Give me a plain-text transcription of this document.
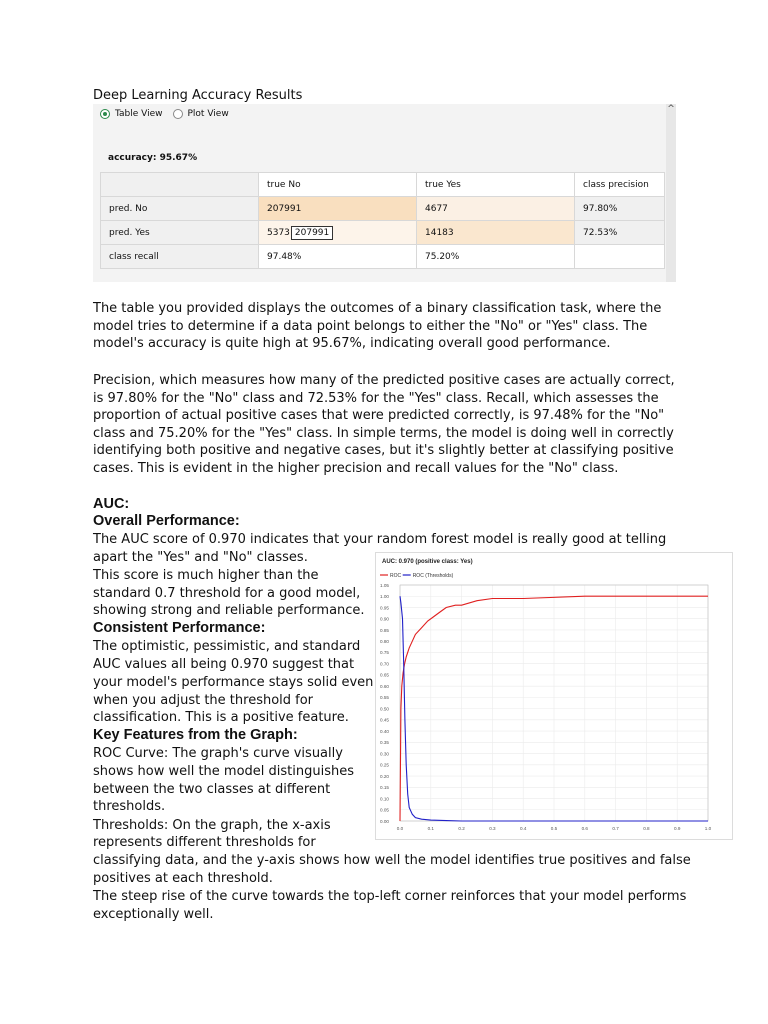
Deep Learning Accuracy Results
^
Table View	Plot View
accuracy: 95.67%
	true No	true Yes	class precision
pred. No	207991	4677	97.80%
pred. Yes	5373 207991	14183	72.53%
class recall	97.48%	75.20%	

The table you provided displays the outcomes of a binary classification task, where the model tries to determine if a data point belongs to either the "No" or "Yes" class. The model's accuracy is quite high at 95.67%, indicating overall good performance.

Precision, which measures how many of the predicted positive cases are actually correct, is 97.80% for the "No" class and 72.53% for the "Yes" class. Recall, which assesses the proportion of actual positive cases that were predicted correctly, is 97.48% for the "No" class and 75.20% for the "Yes" class. In simple terms, the model is doing well in correctly identifying both positive and negative cases, but it's slightly better at classifying positive cases. This is evident in the higher precision and recall values for the "No" class.

AUC:
Overall Performance:
The AUC score of 0.970 indicates that your random forest model is really good at telling
apart the "Yes" and "No" classes.
This score is much higher than the
standard 0.7 threshold for a good model,
showing strong and reliable performance.
Consistent Performance:
The optimistic, pessimistic, and standard
AUC values all being 0.970 suggest that
your model's performance stays solid even
when you adjust the threshold for
classification. This is a positive feature.
Key Features from the Graph:
ROC Curve: The graph's curve visually
shows how well the model distinguishes
between the two classes at different
thresholds.
Thresholds: On the graph, the x-axis
represents different thresholds for
classifying data, and the y-axis shows how well the model identifies true positives and false
positives at each threshold.
The steep rise of the curve towards the top-left corner reinforces that your model performs
exceptionally well.
AUC: 0.970 (positive class: Yes)
ROC ROC (Thresholds)
0.00
0.05
0.10
0.15
0.20
0.25
0.30
0.35
0.40
0.45
0.50
0.55
0.60
0.65
0.70
0.75
0.80
0.85
0.90
0.95
1.00
1.05
0.0	0.1	0.2	0.3	0.4	0.5	0.6	0.7	0.8	0.9	1.0
